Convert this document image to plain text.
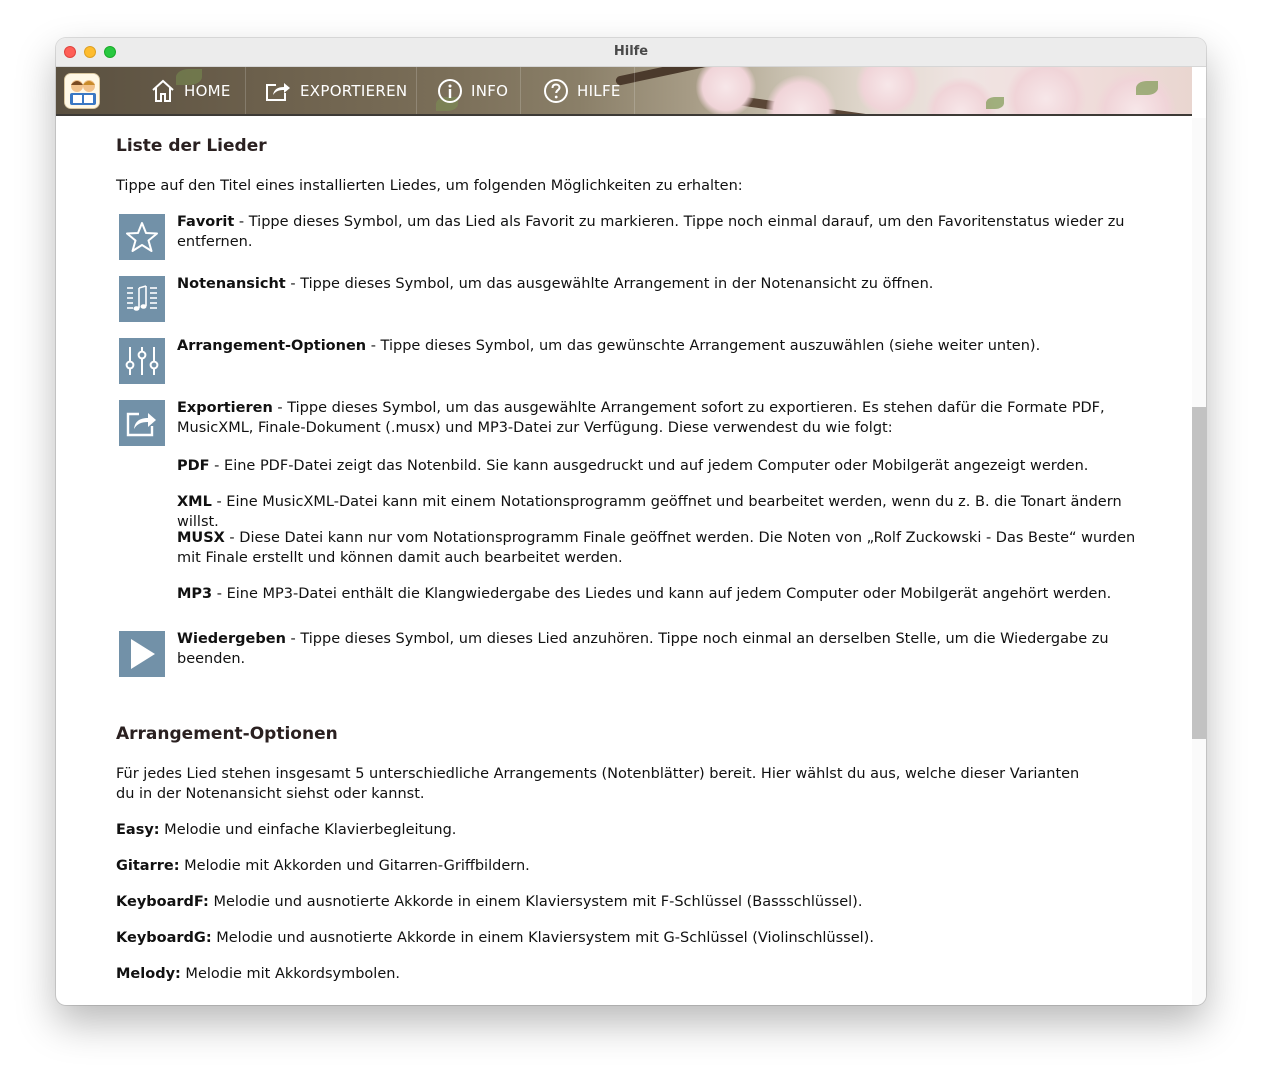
Hilfe
HOME	EXPORTIEREN	INFO	HILFE
Liste der Lieder
Tippe auf den Titel eines installierten Liedes, um folgenden Möglichkeiten zu erhalten:
Favorit - Tippe dieses Symbol, um das Lied als Favorit zu markieren. Tippe noch einmal darauf, um den Favoritenstatus wieder zu entfernen.
Notenansicht - Tippe dieses Symbol, um das ausgewählte Arrangement in der Notenansicht zu öffnen.
Arrangement-Optionen - Tippe dieses Symbol, um das gewünschte Arrangement auszuwählen (siehe weiter unten).
Exportieren - Tippe dieses Symbol, um das ausgewählte Arrangement sofort zu exportieren. Es stehen dafür die Formate PDF, MusicXML, Finale-Dokument (.musx) und MP3-Datei zur Verfügung. Diese verwendest du wie folgt:
PDF - Eine PDF-Datei zeigt das Notenbild. Sie kann ausgedruckt und auf jedem Computer oder Mobilgerät angezeigt werden.
XML - Eine MusicXML-Datei kann mit einem Notationsprogramm geöffnet und bearbeitet werden, wenn du z. B. die Tonart ändern willst.
MUSX - Diese Datei kann nur vom Notationsprogramm Finale geöffnet werden. Die Noten von „Rolf Zuckowski - Das Beste“ wurden mit Finale erstellt und können damit auch bearbeitet werden.
MP3 - Eine MP3-Datei enthält die Klangwiedergabe des Liedes und kann auf jedem Computer oder Mobilgerät angehört werden.
Wiedergeben - Tippe dieses Symbol, um dieses Lied anzuhören. Tippe noch einmal an derselben Stelle, um die Wiedergabe zu beenden.
Arrangement-Optionen
Für jedes Lied stehen insgesamt 5 unterschiedliche Arrangements (Notenblätter) bereit. Hier wählst du aus, welche dieser Varianten du in der Notenansicht siehst oder kannst.
Easy: Melodie und einfache Klavierbegleitung.
Gitarre: Melodie mit Akkorden und Gitarren-Griffbildern.
KeyboardF: Melodie und ausnotierte Akkorde in einem Klaviersystem mit F-Schlüssel (Bassschlüssel).
KeyboardG: Melodie und ausnotierte Akkorde in einem Klaviersystem mit G-Schlüssel (Violinschlüssel).
Melody: Melodie mit Akkordsymbolen.
